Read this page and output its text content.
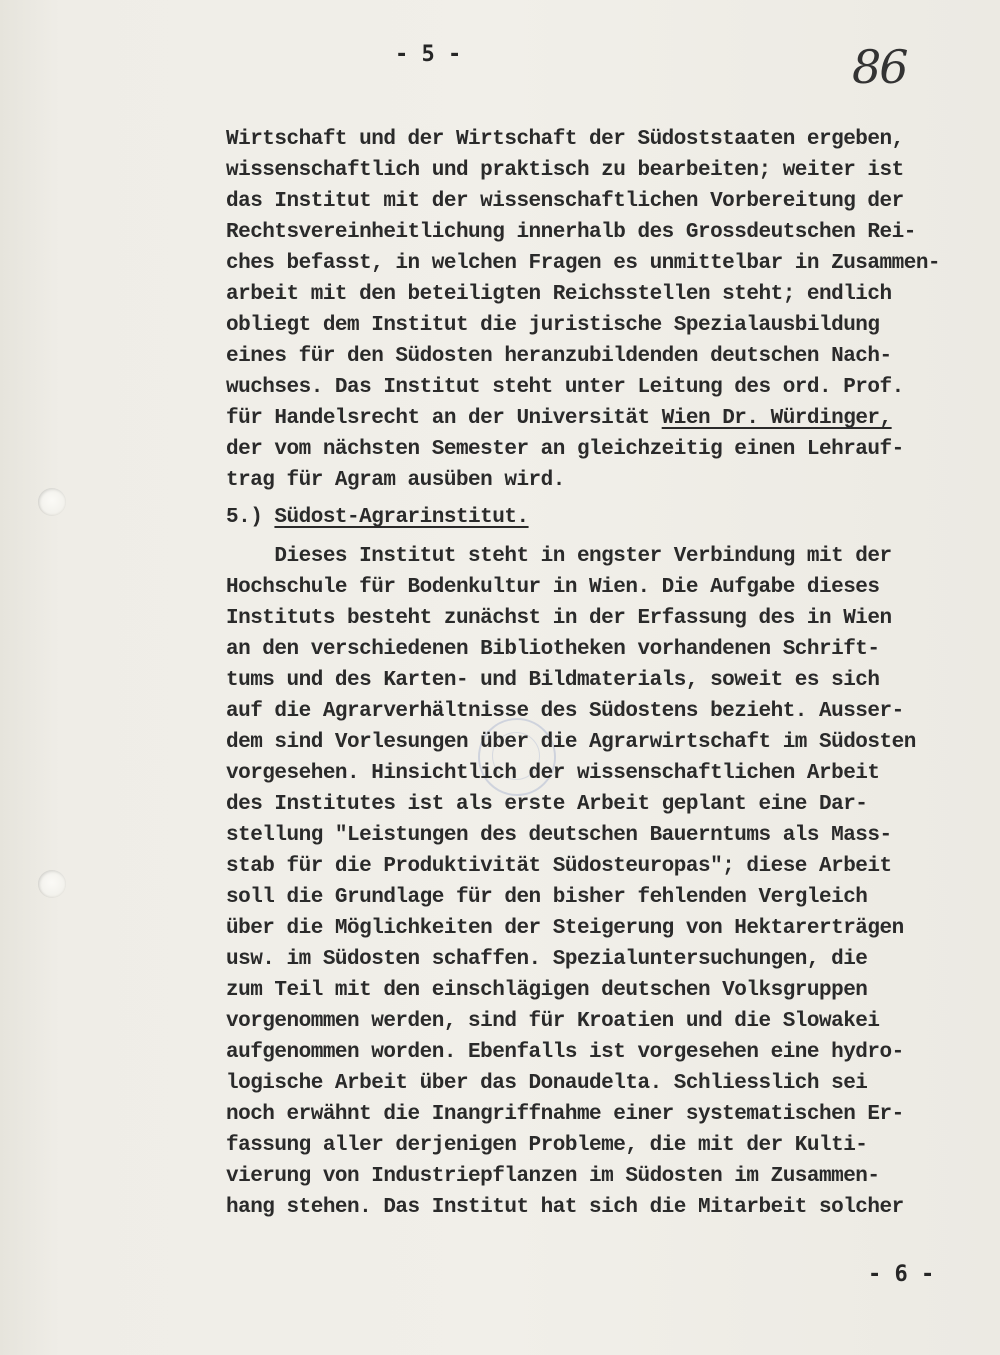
- 5 -	86
Wirtschaft und der Wirtschaft der Südoststaaten ergeben,
wissenschaftlich und praktisch zu bearbeiten; weiter ist
das Institut mit der wissenschaftlichen Vorbereitung der
Rechtsvereinheitlichung innerhalb des Grossdeutschen Rei-
ches befasst, in welchen Fragen es unmittelbar in Zusammen-
arbeit mit den beteiligten Reichsstellen steht; endlich
obliegt dem Institut die juristische Spezialausbildung
eines für den Südosten heranzubildenden deutschen Nach-
wuchses. Das Institut steht unter Leitung des ord. Prof.
für Handelsrecht an der Universität Wien Dr. Würdinger,
der vom nächsten Semester an gleichzeitig einen Lehrauf-
trag für Agram ausüben wird.
5.) Südost-Agrarinstitut.
Dieses Institut steht in engster Verbindung mit der
Hochschule für Bodenkultur in Wien. Die Aufgabe dieses
Instituts besteht zunächst in der Erfassung des in Wien
an den verschiedenen Bibliotheken vorhandenen Schrift-
tums und des Karten- und Bildmaterials, soweit es sich
auf die Agrarverhältnisse des Südostens bezieht. Ausser-
dem sind Vorlesungen über die Agrarwirtschaft im Südosten
vorgesehen. Hinsichtlich der wissenschaftlichen Arbeit
des Institutes ist als erste Arbeit geplant eine Dar-
stellung "Leistungen des deutschen Bauerntums als Mass-
stab für die Produktivität Südosteuropas"; diese Arbeit
soll die Grundlage für den bisher fehlenden Vergleich
über die Möglichkeiten der Steigerung von Hektarerträgen
usw. im Südosten schaffen. Spezialuntersuchungen, die
zum Teil mit den einschlägigen deutschen Volksgruppen
vorgenommen werden, sind für Kroatien und die Slowakei
aufgenommen worden. Ebenfalls ist vorgesehen eine hydro-
logische Arbeit über das Donaudelta. Schliesslich sei
noch erwähnt die Inangriffnahme einer systematischen Er-
fassung aller derjenigen Probleme, die mit der Kulti-
vierung von Industriepflanzen im Südosten im Zusammen-
hang stehen. Das Institut hat sich die Mitarbeit solcher
- 6 -
